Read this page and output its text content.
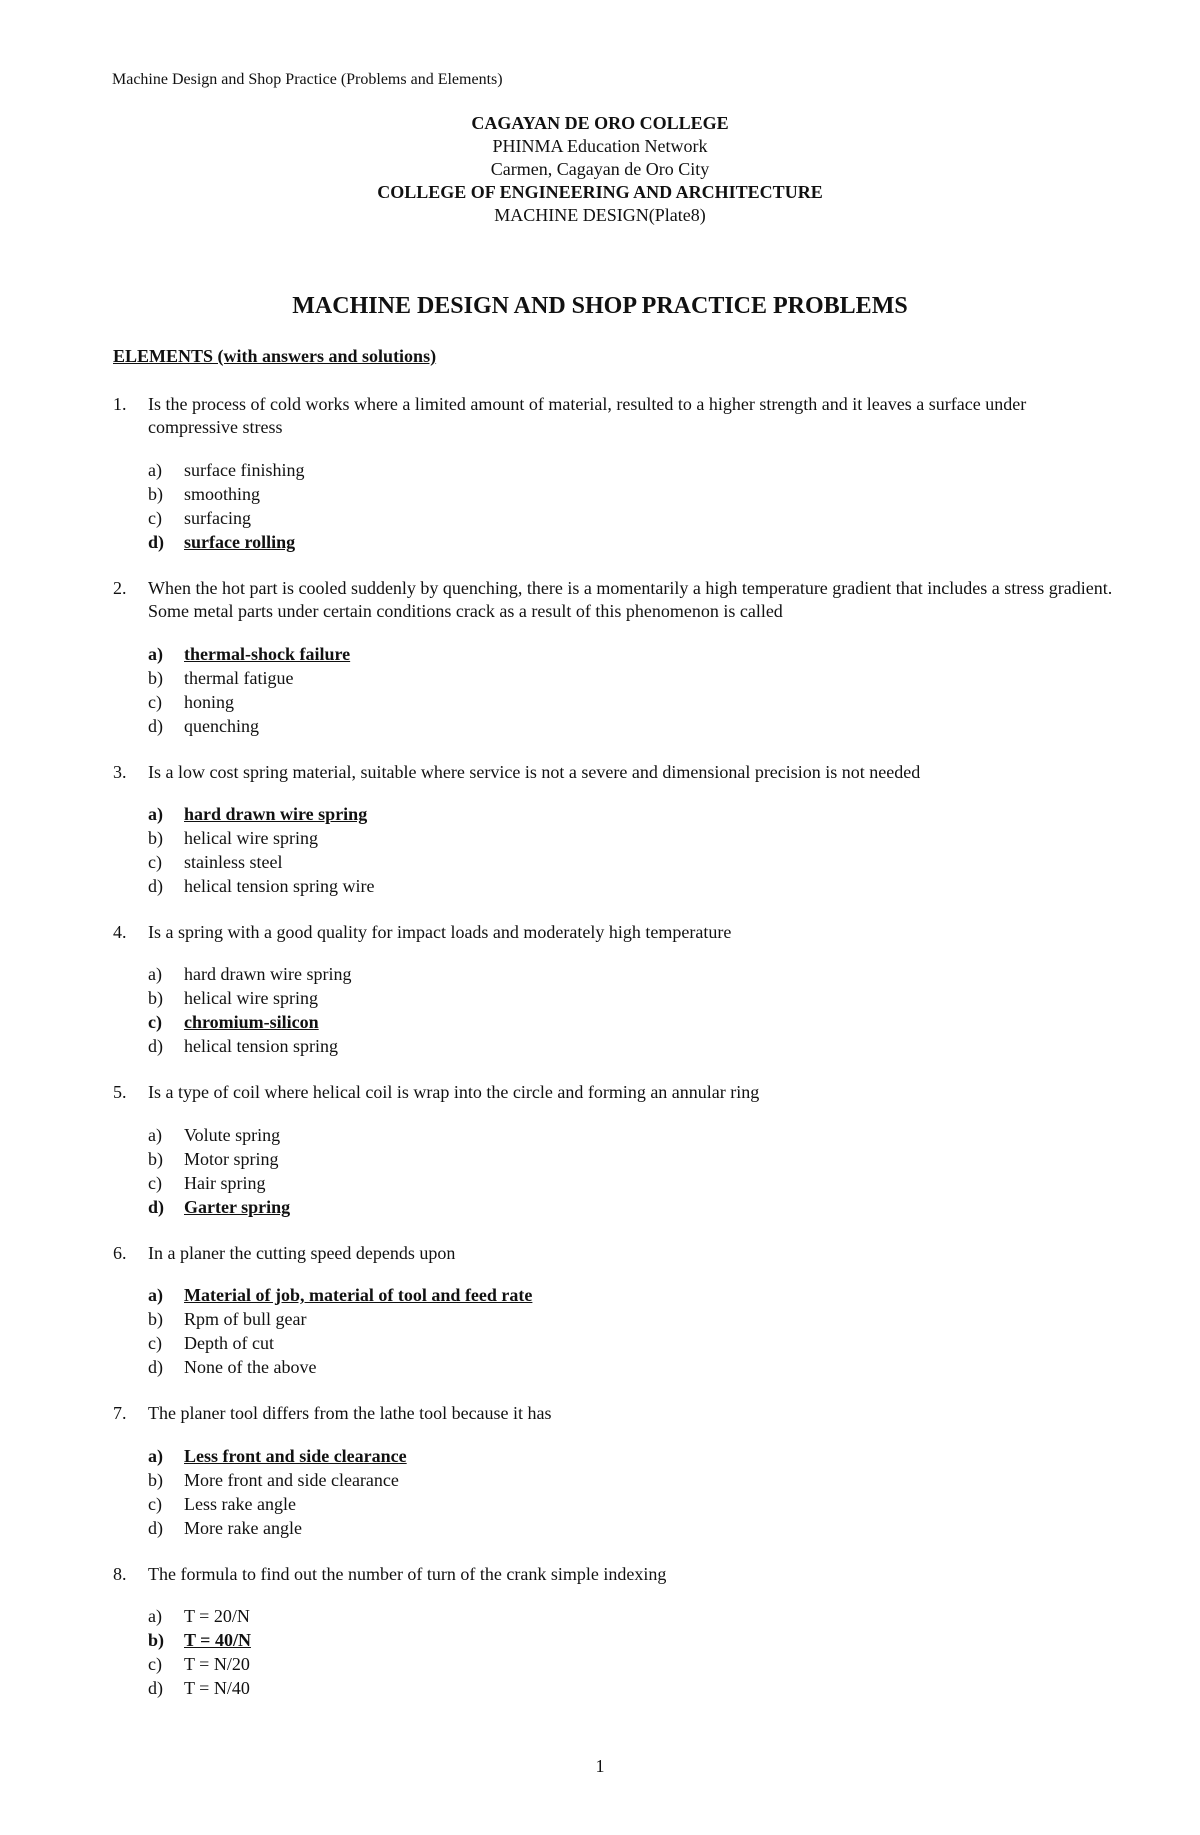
Machine Design and Shop Practice (Problems and Elements)
CAGAYAN DE ORO COLLEGE
PHINMA Education Network
Carmen, Cagayan de Oro City
COLLEGE OF ENGINEERING AND ARCHITECTURE
MACHINE DESIGN(Plate8)
MACHINE DESIGN AND SHOP PRACTICE PROBLEMS
ELEMENTS (with answers and solutions)
1.	Is the process of cold works where a limited amount of material, resulted to a higher strength and it leaves a surface under compressive stress
a)	surface finishing
b)	smoothing
c)	surfacing
d)	surface rolling
2.	When the hot part is cooled suddenly by quenching, there is a momentarily a high temperature gradient that includes a stress gradient. Some metal parts under certain conditions crack as a result of this phenomenon is called
a)	thermal-shock failure
b)	thermal fatigue
c)	honing
d)	quenching
3.	Is a low cost spring material, suitable where service is not a severe and dimensional precision is not needed
a)	hard drawn wire spring
b)	helical wire spring
c)	stainless steel
d)	helical tension spring wire
4.	Is a spring with a good quality for impact loads and moderately high temperature
a)	hard drawn wire spring
b)	helical wire spring
c)	chromium-silicon
d)	helical tension spring
5.	Is a type of coil where helical coil is wrap into the circle and forming an annular ring
a)	Volute spring
b)	Motor spring
c)	Hair spring
d)	Garter spring
6.	In a planer the cutting speed depends upon
a)	Material of job, material of tool and feed rate
b)	Rpm of bull gear
c)	Depth of cut
d)	None of the above
7.	The planer tool differs from the lathe tool because it has
a)	Less front and side clearance
b)	More front and side clearance
c)	Less rake angle
d)	More rake angle
8.	The formula to find out the number of turn of the crank simple indexing
a)	T = 20/N
b)	T = 40/N
c)	T = N/20
d)	T = N/40
1
